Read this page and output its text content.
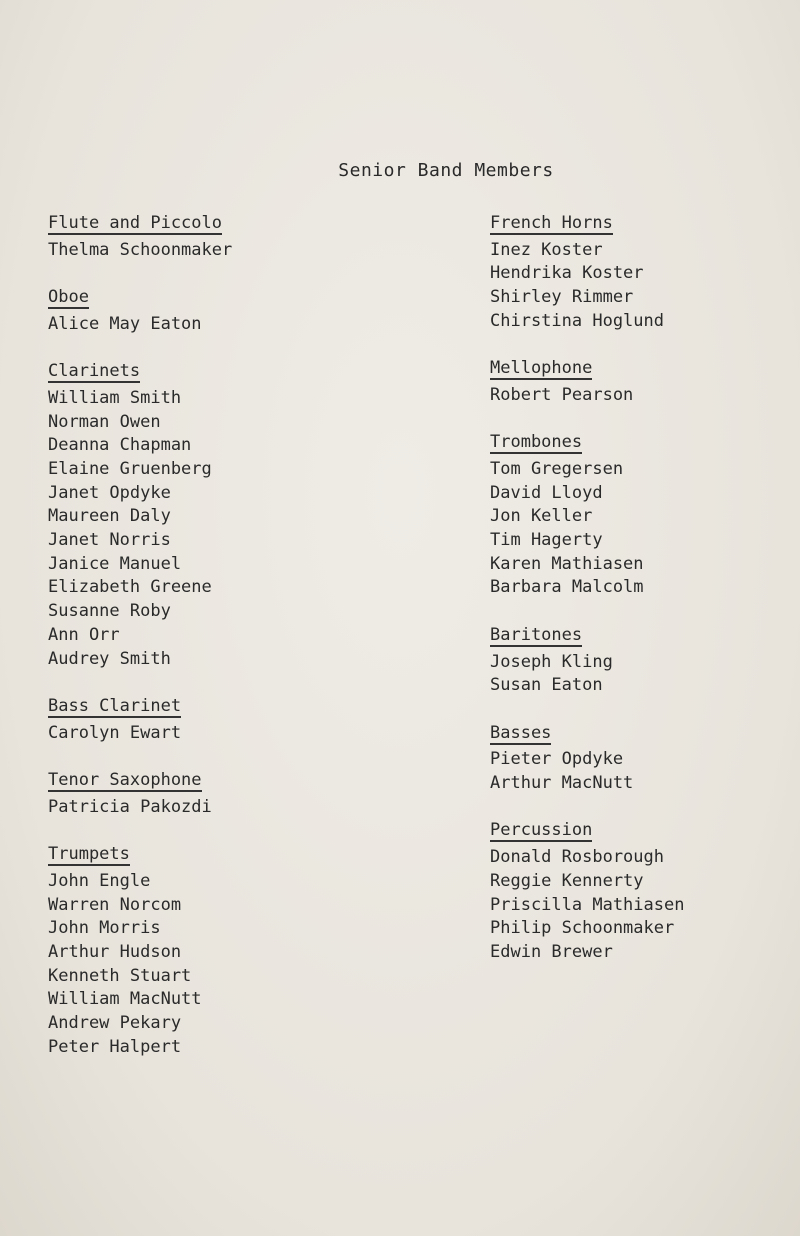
Senior Band Members
Flute and Piccolo
Thelma Schoonmaker
Oboe
Alice May Eaton
Clarinets
William Smith
Norman Owen
Deanna Chapman
Elaine Gruenberg
Janet Opdyke
Maureen Daly
Janet Norris
Janice Manuel
Elizabeth Greene
Susanne Roby
Ann Orr
Audrey Smith
Bass Clarinet
Carolyn Ewart
Tenor Saxophone
Patricia Pakozdi
Trumpets
John Engle
Warren Norcom
John Morris
Arthur Hudson
Kenneth Stuart
William MacNutt
Andrew Pekary
Peter Halpert
French Horns
Inez Koster
Hendrika Koster
Shirley Rimmer
Chirstina Hoglund
Mellophone
Robert Pearson
Trombones
Tom Gregersen
David Lloyd
Jon Keller
Tim Hagerty
Karen Mathiasen
Barbara Malcolm
Baritones
Joseph Kling
Susan Eaton
Basses
Pieter Opdyke
Arthur MacNutt
Percussion
Donald Rosborough
Reggie Kennerty
Priscilla Mathiasen
Philip Schoonmaker
Edwin Brewer
